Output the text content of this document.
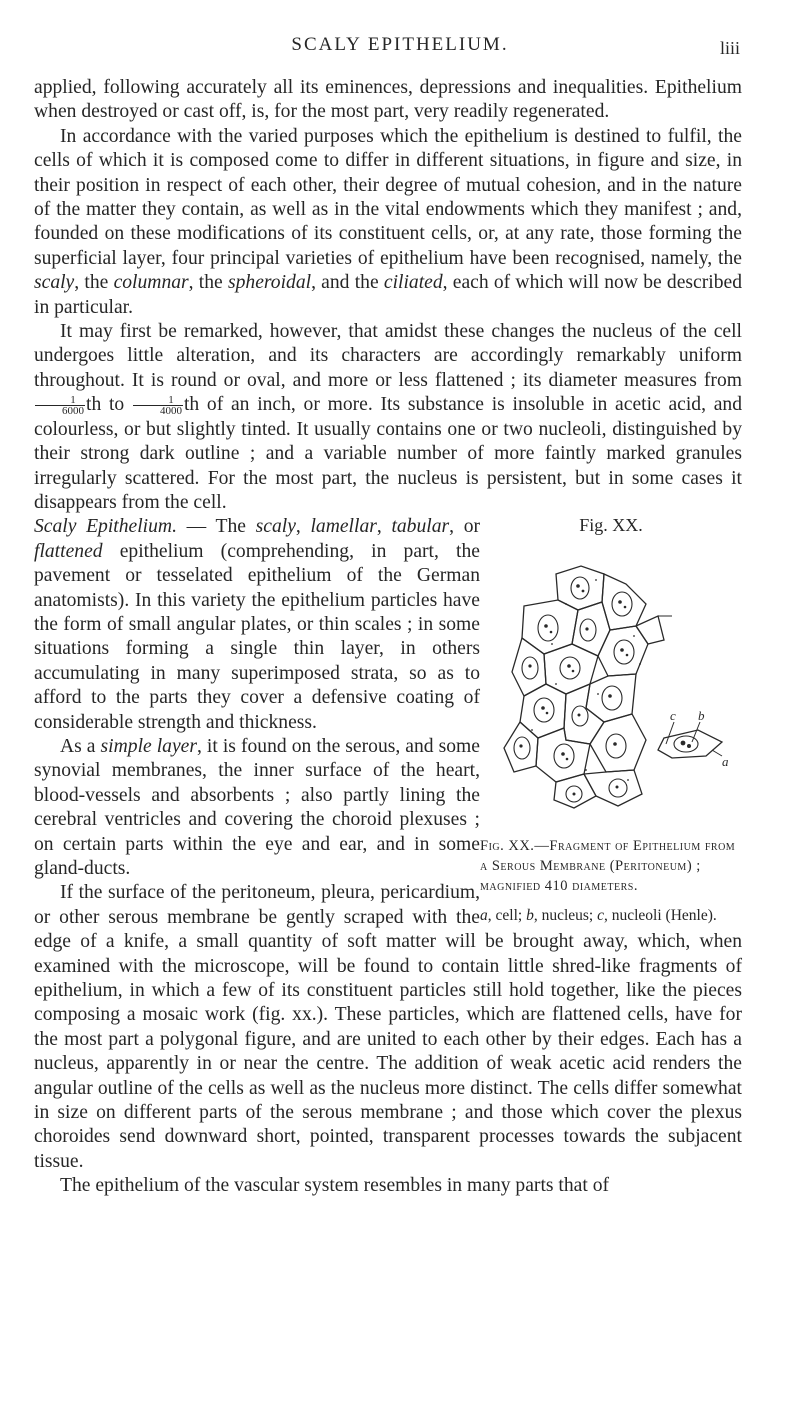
SCALY EPITHELIUM.	liii

applied, following accurately all its eminences, depressions and inequalities. Epithelium when destroyed or cast off, is, for the most part, very readily regenerated.

In accordance with the varied purposes which the epithelium is destined to fulfil, the cells of which it is composed come to differ in different situations, in figure and size, in their position in respect of each other, their degree of mutual cohesion, and in the nature of the matter they contain, as well as in the vital endowments which they manifest ; and, founded on these modifications of its constituent cells, or, at any rate, those forming the superficial layer, four principal varieties of epithelium have been recognised, namely, the scaly, the columnar, the spheroidal, and the ciliated, each of which will now be described in particular.

It may first be remarked, however, that amidst these changes the nucleus of the cell undergoes little alteration, and its characters are accordingly remarkably uniform throughout. It is round or oval, and more or less flattened ; its diameter measures from
$\frac{1}{6000}$ th to $\frac{1}{4000}$ th of an inch, or more. Its substance is insoluble in acetic acid, and colourless, or but slightly tinted. It usually contains one or two nucleoli, distinguished by their strong dark outline ; and a variable number of more faintly marked granules irregularly scattered. For the most part, the nucleus is persistent, but in some cases it disappears from the cell.

Fig. XX.
c b
a
Fig. XX.—Fragment of Epithelium from a Serous Membrane (Peritoneum) ; magnified 410 diameters.
a, cell; b, nucleus; c, nucleoli (Henle).

Scaly Epithelium. — The scaly, lamellar, tabular, or flattened epithelium (comprehending, in part, the pavement or tesselated epithelium of the German anatomists). In this variety the epithelium particles have the form of small angular plates, or thin scales ; in some situations forming a single thin layer, in others accumulating in many superimposed strata, so as to afford to the parts they cover a defensive coating of considerable strength and thickness.

As a simple layer, it is found on the serous, and some synovial membranes, the inner surface of the heart, blood-vessels and absorbents ; also partly lining the cerebral ventricles and covering the choroid plexuses ; on certain parts within the eye and ear, and in some gland-ducts.

If the surface of the peritoneum, pleura, pericardium, or other serous membrane be gently scraped with the edge of a knife, a small quantity of soft matter will be brought away, which, when examined with the microscope, will be found to contain little shred-like fragments of epithelium, in which a few of its constituent particles still hold together, like the pieces composing a mosaic work (fig. xx.). These particles, which are flattened cells, have for the most part a polygonal figure, and are united to each other by their edges. Each has a nucleus, apparently in or near the centre. The addition of weak acetic acid renders the angular outline of the cells as well as the nucleus more distinct. The cells differ somewhat in size on different parts of the serous membrane ; and those which cover the plexus choroides send downward short, pointed, transparent processes towards the subjacent tissue.

The epithelium of the vascular system resembles in many parts that of
